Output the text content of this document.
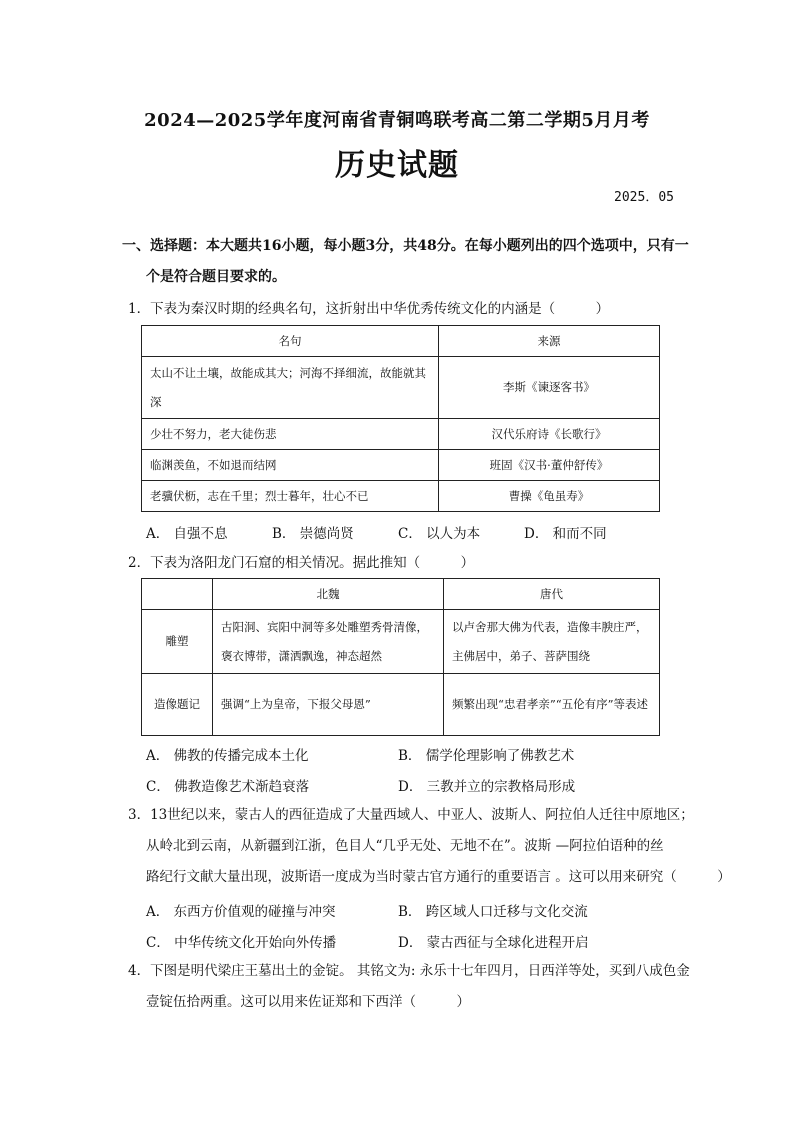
2024—2025学年度河南省青铜鸣联考高二第二学期5月月考
历史试题
2025．05
一、选择题：本大题共16小题，每小题3分，共48分。在每小题列出的四个选项中，只有一
个是符合题目要求的。
1．下表为秦汉时期的经典名句，这折射出中华优秀传统文化的内涵是（　　　）
名句	来源
太山不让土壤，故能成其大；河海不择细流，故能就其深	李斯《谏逐客书》
少壮不努力，老大徒伤悲	汉代乐府诗《长歌行》
临渊羡鱼，不如退而结网	班固《汉书·董仲舒传》
老骥伏枥，志在千里；烈士暮年，壮心不已	曹操《龟虽寿》
A． 自强不息	B． 崇德尚贤	C． 以人为本	D． 和而不同
2．下表为洛阳龙门石窟的相关情况。据此推知（　　　）
	北魏	唐代
雕塑	古阳洞、宾阳中洞等多处雕塑秀骨清像，褒衣博带，潇洒飘逸，神态超然	以卢舍那大佛为代表，造像丰腴庄严，主佛居中，弟子、菩萨围绕
造像题记	强调“上为皇帝，下报父母恩”	频繁出现“忠君孝亲”“五伦有序”等表述
A． 佛教的传播完成本土化	B． 儒学伦理影响了佛教艺术
C． 佛教造像艺术渐趋衰落	D． 三教并立的宗教格局形成
3．13世纪以来，蒙古人的西征造成了大量西域人、中亚人、波斯人、阿拉伯人迁往中原地区；
从岭北到云南，从新疆到江浙，色目人“几乎无处、无地不在”。波斯 —阿拉伯语种的丝
路纪行文献大量出现，波斯语一度成为当时蒙古官方通行的重要语言 。这可以用来研究（　　　）
A． 东西方价值观的碰撞与冲突	B． 跨区域人口迁移与文化交流
C． 中华传统文化开始向外传播	D． 蒙古西征与全球化进程开启
4．下图是明代梁庄王墓出土的金锭。 其铭文为: 永乐十七年四月，日西洋等处，买到八成色金
壹锭伍拾两重。这可以用来佐证郑和下西洋（　　　）
